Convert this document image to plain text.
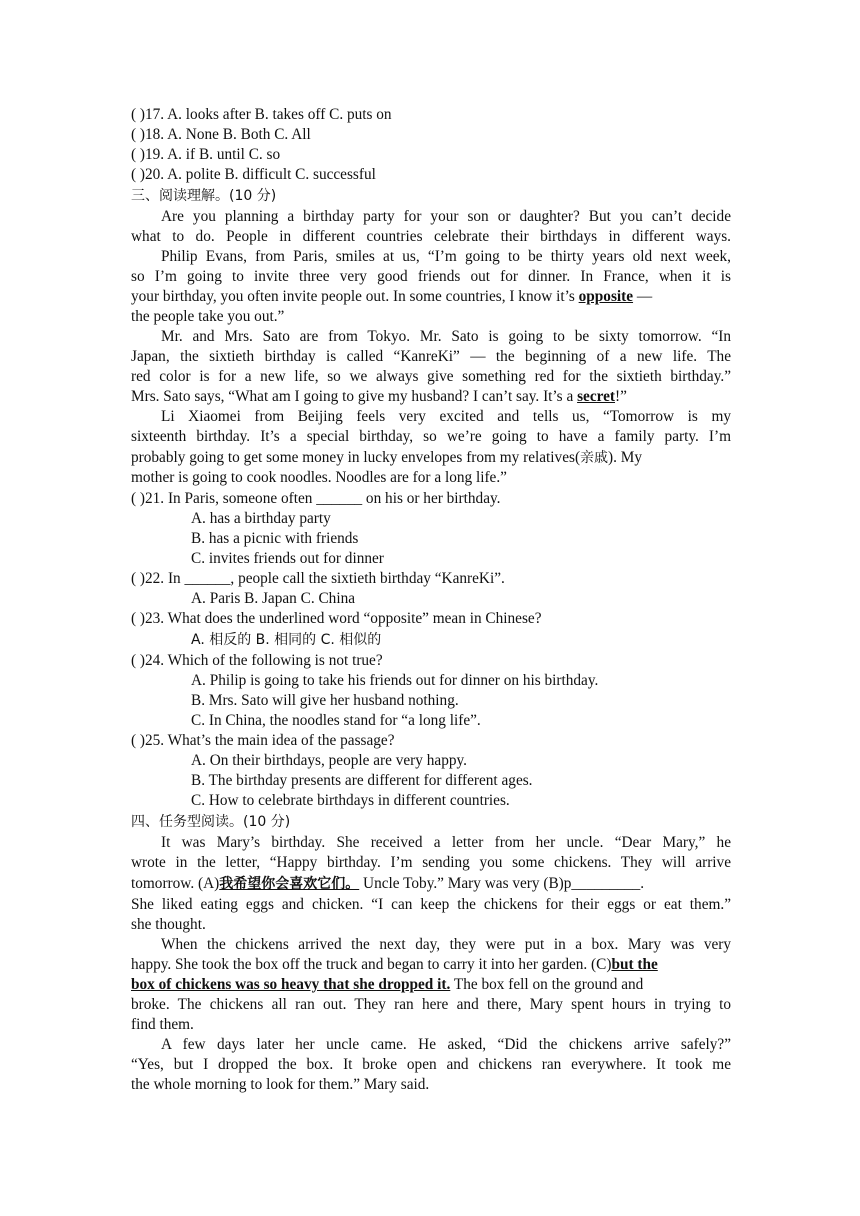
( )17. A. looks after B. takes off C. puts on
( )18. A. None B. Both C. All
( )19. A. if B. until C. so
( )20. A. polite B. difficult C. successful
三、阅读理解。(10 分)
Are you planning a birthday party for your son or daughter? But you can’t decide
what to do. People in different countries celebrate their birthdays in different ways.
Philip Evans, from Paris, smiles at us, “I’m going to be thirty years old next week,
so I’m going to invite three very good friends out for dinner. In France, when it is
your birthday, you often invite people out. In some countries, I know it’s opposite —
the people take you out.”
Mr. and Mrs. Sato are from Tokyo. Mr. Sato is going to be sixty tomorrow. “In
Japan, the sixtieth birthday is called “KanreKi” — the beginning of a new life. The
red color is for a new life, so we always give something red for the sixtieth birthday.”
Mrs. Sato says, “What am I going to give my husband? I can’t say. It’s a secret!”
Li Xiaomei from Beijing feels very excited and tells us, “Tomorrow is my
sixteenth birthday. It’s a special birthday, so we’re going to have a family party. I’m
probably going to get some money in lucky envelopes from my relatives(亲戚). My
mother is going to cook noodles. Noodles are for a long life.”
( )21. In Paris, someone often ______ on his or her birthday.
A. has a birthday party
B. has a picnic with friends
C. invites friends out for dinner
( )22. In ______, people call the sixtieth birthday “KanreKi”.
A. Paris B. Japan C. China
( )23. What does the underlined word “opposite” mean in Chinese?
A. 相反的 B. 相同的 C. 相似的
( )24. Which of the following is not true?
A. Philip is going to take his friends out for dinner on his birthday.
B. Mrs. Sato will give her husband nothing.
C. In China, the noodles stand for “a long life”.
( )25. What’s the main idea of the passage?
A. On their birthdays, people are very happy.
B. The birthday presents are different for different ages.
C. How to celebrate birthdays in different countries.
四、任务型阅读。(10 分)
It was Mary’s birthday. She received a letter from her uncle. “Dear Mary,” he
wrote in the letter, “Happy birthday. I’m sending you some chickens. They will arrive
tomorrow. (A)我希望你会喜欢它们。 Uncle Toby.” Mary was very (B)p_________.
She liked eating eggs and chicken. “I can keep the chickens for their eggs or eat them.”
she thought.
When the chickens arrived the next day, they were put in a box. Mary was very
happy. She took the box off the truck and began to carry it into her garden. (C)but the
box of chickens was so heavy that she dropped it. The box fell on the ground and
broke. The chickens all ran out. They ran here and there, Mary spent hours in trying to
find them.
A few days later her uncle came. He asked, “Did the chickens arrive safely?”
“Yes, but I dropped the box. It broke open and chickens ran everywhere. It took me
the whole morning to look for them.” Mary said.
